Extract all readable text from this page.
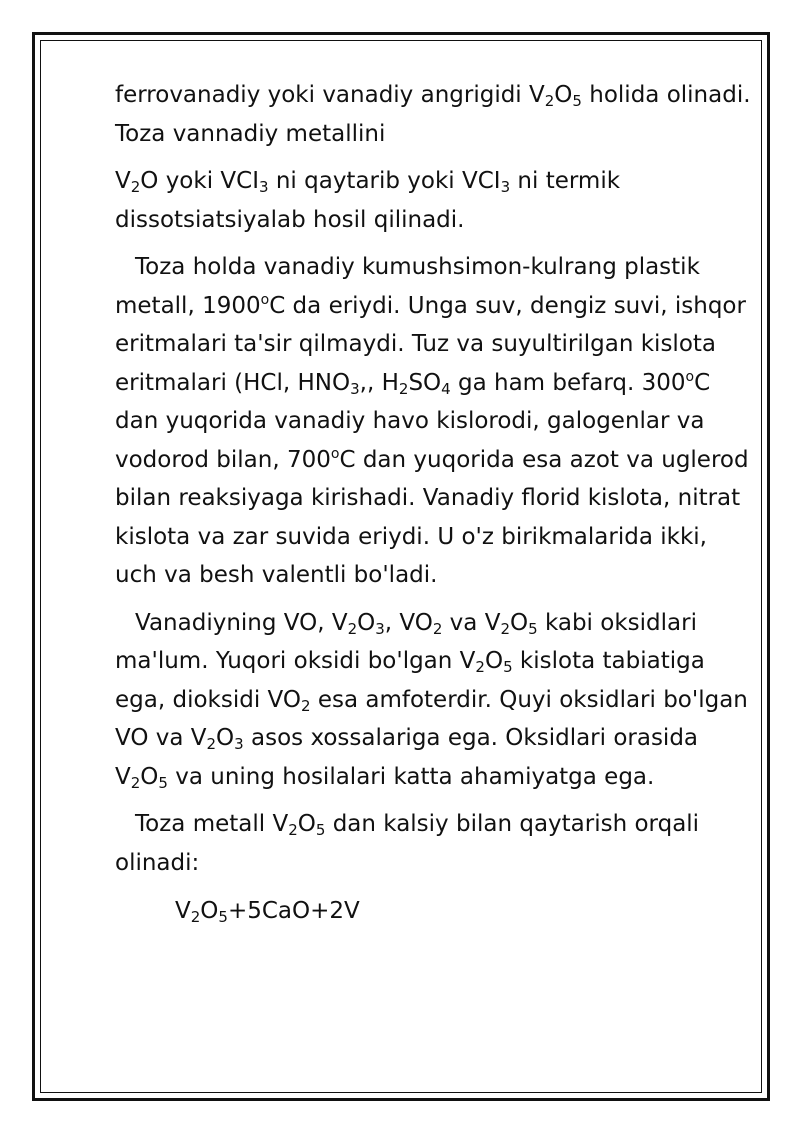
ferrovanadiy yoki vanadiy angrigidi $V_2O_5$ holida olinadi. Toza vannadiy metallini

$V_2O$ yoki $VCI_3$ ni qaytarib yoki $VCI_3$ ni termik dissotsiatsiyalab hosil qilinadi.

Toza holda vanadiy kumushsimon-kulrang plastik metall, 1900$^o$C da eriydi. Unga suv, dengiz suvi, ishqor eritmalari ta'sir qilmaydi. Tuz va suyultirilgan kislota eritmalari (HCl, $HNO_3$,, $H_2SO_4$ ga ham befarq. 300$^o$C dan yuqorida vanadiy havo kislorodi, galogenlar va vodorod bilan, 700$^o$C dan yuqorida esa azot va uglerod bilan reaksiyaga kirishadi. Vanadiy florid kislota, nitrat kislota va zar suvida eriydi. U o'z birikmalarida ikki, uch va besh valentli bo'ladi.

Vanadiyning VO, $V_2O_3$, $VO_2$ va $V_2O_5$ kabi oksidlari ma'lum. Yuqori oksidi bo'lgan $V_2O_5$ kislota tabiatiga ega, dioksidi $VO_2$ esa amfoterdir. Quyi oksidlari bo'lgan VO va $V_2O_3$ asos xossalariga ega. Oksidlari orasida $V_2O_5$ va uning hosilalari katta ahamiyatga ega.

Toza metall $V_2O_5$ dan kalsiy bilan qaytarish orqali olinadi:

$V_2O_5+5CaO+2V$
